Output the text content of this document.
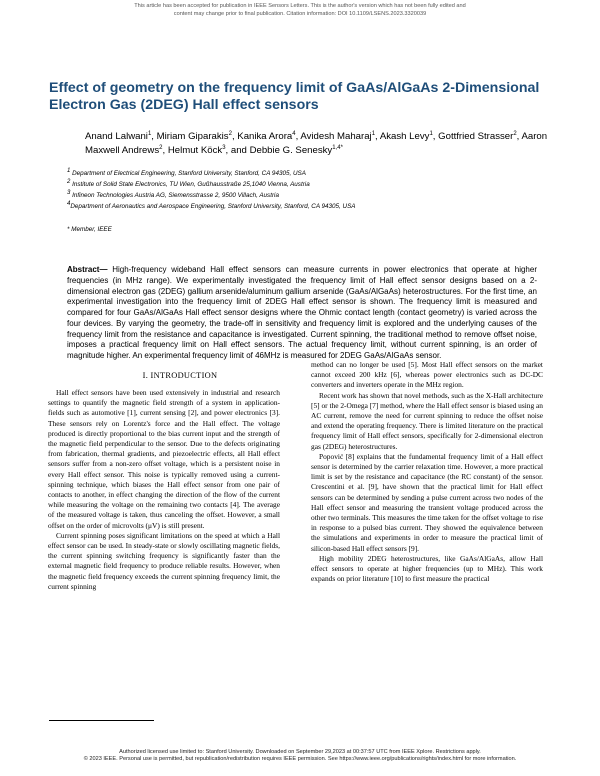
This article has been accepted for publication in IEEE Sensors Letters. This is the author's version which has not been fully edited and
content may change prior to final publication. Citation information: DOI 10.1109/LSENS.2023.3320039
Effect of geometry on the frequency limit of GaAs/AlGaAs 2-Dimensional
Electron Gas (2DEG) Hall effect sensors
Anand Lalwani$^1$, Miriam Giparakis$^2$, Kanika Arora$^4$, Avidesh Maharaj$^1$, Akash Levy$^1$, Gottfried Strasser$^2$, Aaron Maxwell Andrews$^2$, Helmut Köck$^3$, and Debbie G. Senesky$^{1,4*}$
$^1$ Department of Electrical Engineering, Stanford University, Stanford, CA 94305, USA
$^2$ Institute of Solid State Electronics, TU Wien, Gußhausstraße 25,1040 Vienna, Austria
$^3$ Infineon Technologies Austria AG, Siemensstrasse 2, 9500 Villach, Austria
$^4$Department of Aeronautics and Aerospace Engineering, Stanford University, Stanford, CA 94305, USA
* Member, IEEE
Abstract— High-frequency wideband Hall effect sensors can measure currents in power electronics that operate at higher frequencies (in MHz range). We experimentally investigated the frequency limit of Hall effect sensor designs based on a 2-dimensional electron gas (2DEG) gallium arsenide/aluminum gallium arsenide (GaAs/AlGaAs) heterostructures. For the first time, an experimental investigation into the frequency limit of 2DEG Hall effect sensor is shown. The frequency limit is measured and compared for four GaAs/AlGaAs Hall effect sensor designs where the Ohmic contact length (contact geometry) is varied across the four devices. By varying the geometry, the trade-off in sensitivity and frequency limit is explored and the underlying causes of the frequency limit from the resistance and capacitance is investigated. Current spinning, the traditional method to remove offset noise, imposes a practical frequency limit on Hall effect sensors. The actual frequency limit, without current spinning, is an order of magnitude higher. An experimental frequency limit of 46MHz is measured for 2DEG GaAs/AlGaAs sensor.
I. INTRODUCTION

Hall effect sensors have been used extensively in industrial and research settings to quantify the magnetic field strength of a system in application-fields such as automotive [1], current sensing [2], and power electronics [3]. These sensors rely on Lorentz's force and the Hall effect. The voltage produced is directly proportional to the bias current input and the strength of the magnetic field perpendicular to the sensor. Due to the defects originating from fabrication, thermal gradients, and piezoelectric effects, all Hall effect sensors suffer from a non-zero offset voltage, which is a persistent noise in every Hall effect sensor. This noise is typically removed using a current-spinning technique, which biases the Hall effect sensor from one pair of contacts to another, in effect changing the direction of the flow of the current while measuring the voltage on the remaining two contacts [4]. The average of the measured voltage is taken, thus canceling the offset. However, a small offset on the order of microvolts (μV) is still present.

Current spinning poses significant limitations on the speed at which a Hall effect sensor can be used. In steady-state or slowly oscillating magnetic fields, the current spinning switching frequency is significantly faster than the external magnetic field frequency to produce reliable results. However, when the magnetic field frequency exceeds the current spinning frequency limit, the current spinning

method can no longer be used [5]. Most Hall effect sensors on the market cannot exceed 200 kHz [6], whereas power electronics such as DC-DC converters and inverters operate in the MHz region.

Recent work has shown that novel methods, such as the X-Hall architecture [5] or the 2-Omega [7] method, where the Hall effect sensor is biased using an AC current, remove the need for current spinning to reduce the offset noise and extend the operating frequency. There is limited literature on the practical frequency limit of Hall effect sensors, specifically for 2-dimensional electron gas (2DEG) heterostructures.

Popović [8] explains that the fundamental frequency limit of a Hall effect sensor is determined by the carrier relaxation time. However, a more practical limit is set by the resistance and capacitance (the RC constant) of the sensor. Crescentini et al. [9], have shown that the practical limit for Hall effect sensors can be determined by sending a pulse current across two nodes of the Hall effect sensor and measuring the transient voltage produced across the other two terminals. This measures the time taken for the offset voltage to rise in response to a pulsed bias current. They showed the equivalence between the simulations and experiments in order to measure the practical limit of silicon-based Hall effect sensors [9].

High mobility 2DEG heterostructures, like GaAs/AlGaAs, allow Hall effect sensors to operate at higher frequencies (up to MHz). This work expands on prior literature [10] to first measure the practical

Authorized licensed use limited to: Stanford University. Downloaded on September 29,2023 at 00:37:57 UTC from IEEE Xplore. Restrictions apply.
© 2023 IEEE. Personal use is permitted, but republication/redistribution requires IEEE permission. See https://www.ieee.org/publications/rights/index.html for more information.
